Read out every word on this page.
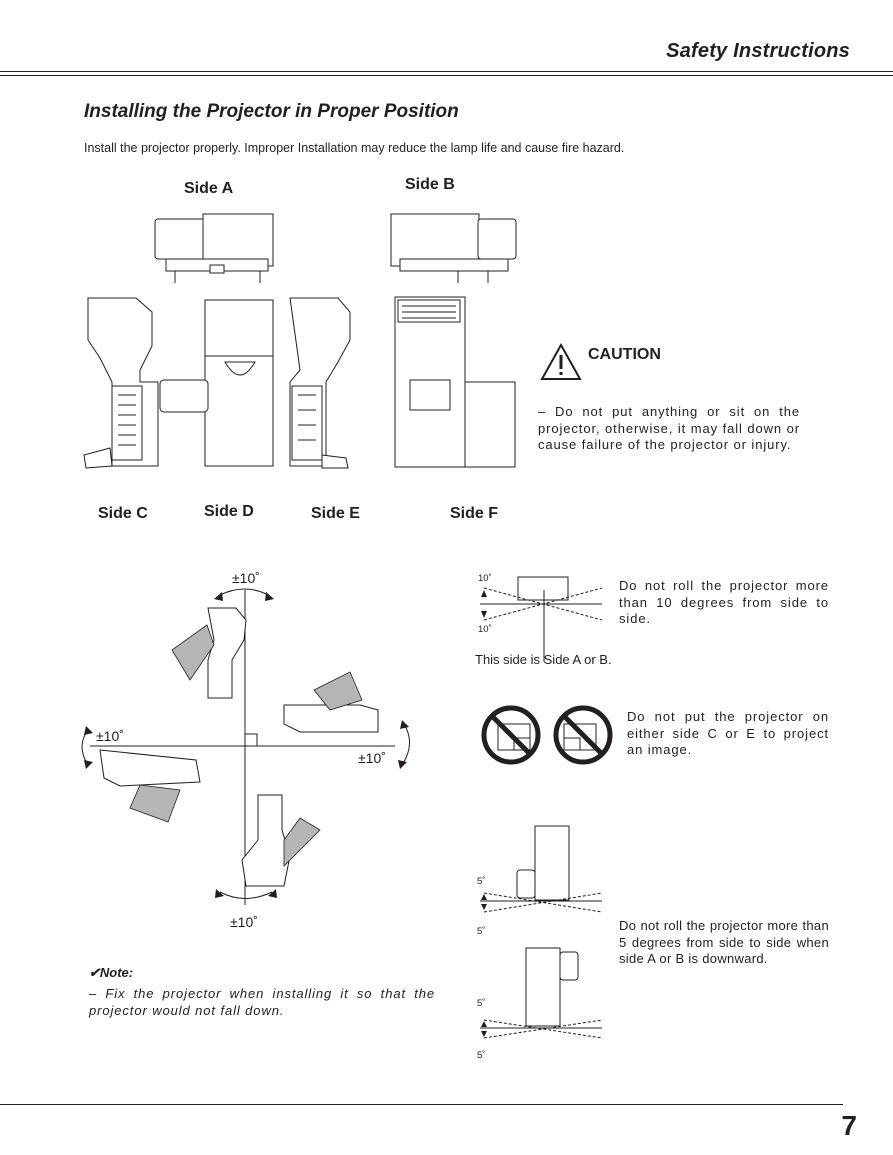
Safety Instructions
Installing the Projector in Proper Position
Install the projector properly. Improper Installation may reduce the lamp life and cause fire hazard.
Side A	Side B
Side C	Side D	Side E	Side F
CAUTION
– Do not put anything or sit on the projector, otherwise, it may fall down or cause failure of the projector or injury.
±10˚
±10˚
±10˚
±10˚
✔Note:
– Fix the projector when installing it so that the projector would not fall down.
10˚
10˚
This side is Side A or B.
Do not roll the projector more than 10 degrees from side to side.
Do not put the projector on either side C or E to project an image.
5˚
5˚
5˚
5˚
Do not roll the projector more than 5 degrees from side to side when side A or B is downward.
7
